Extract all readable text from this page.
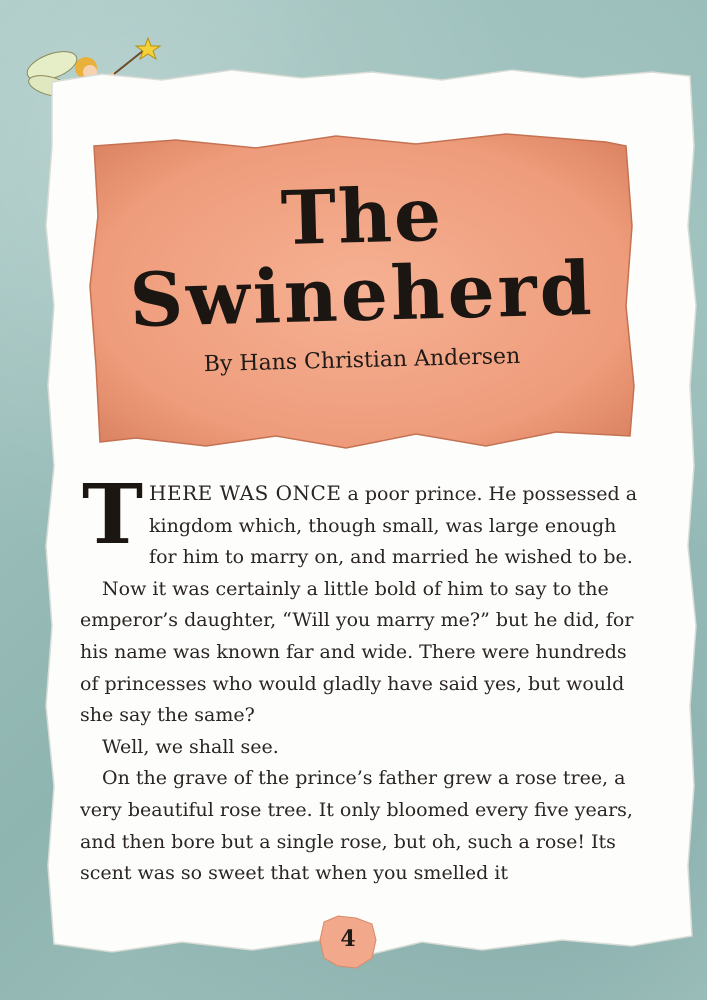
The
Swineherd
By Hans Christian Andersen

THERE WAS ONCE a poor prince. He possessed a kingdom which, though small, was large enough for him to marry on, and married he wished to be.

Now it was certainly a little bold of him to say to the emperor’s daughter, “Will you marry me?” but he did, for his name was known far and wide. There were hundreds of princesses who would gladly have said yes, but would she say the same?

Well, we shall see.

On the grave of the prince’s father grew a rose tree, a very beautiful rose tree. It only bloomed every five years, and then bore but a single rose, but oh, such a rose! Its scent was so sweet that when you smelled it

4
